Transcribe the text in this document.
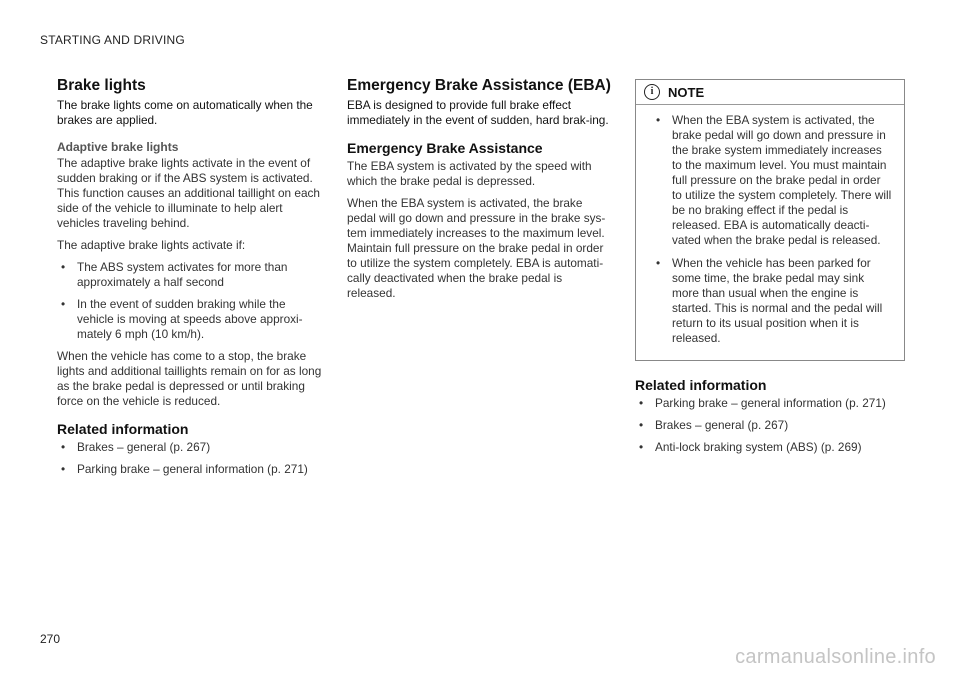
STARTING AND DRIVING
Brake lights

The brake lights come on automatically when the brakes are applied.

Adaptive brake lights

The adaptive brake lights activate in the event of sudden braking or if the ABS system is activated. This function causes an additional taillight on each side of the vehicle to illuminate to help alert vehicles traveling behind.

The adaptive brake lights activate if:

• The ABS system activates for more than approximately a half second
• In the event of sudden braking while the vehicle is moving at speeds above approxi-mately 6 mph (10 km/h).

When the vehicle has come to a stop, the brake lights and additional taillights remain on for as long as the brake pedal is depressed or until braking force on the vehicle is reduced.

Related information
• Brakes – general (p. 267)
• Parking brake – general information (p. 271)
Emergency Brake Assistance (EBA)

EBA is designed to provide full brake effect immediately in the event of sudden, hard brak-ing.

Emergency Brake Assistance

The EBA system is activated by the speed with which the brake pedal is depressed.

When the EBA system is activated, the brake pedal will go down and pressure in the brake sys-tem immediately increases to the maximum level. Maintain full pressure on the brake pedal in order to utilize the system completely. EBA is automati-cally deactivated when the brake pedal is released.

i	NOTE
• When the EBA system is activated, the brake pedal will go down and pressure in the brake system immediately increases to the maximum level. You must maintain full pressure on the brake pedal in order to utilize the system completely. There will be no braking effect if the pedal is released. EBA is automatically deacti-vated when the brake pedal is released.
• When the vehicle has been parked for some time, the brake pedal may sink more than usual when the engine is started. This is normal and the pedal will return to its usual position when it is released.
Related information
• Parking brake – general information (p. 271)
• Brakes – general (p. 267)
• Anti-lock braking system (ABS) (p. 269)
270
carmanualsonline.info
